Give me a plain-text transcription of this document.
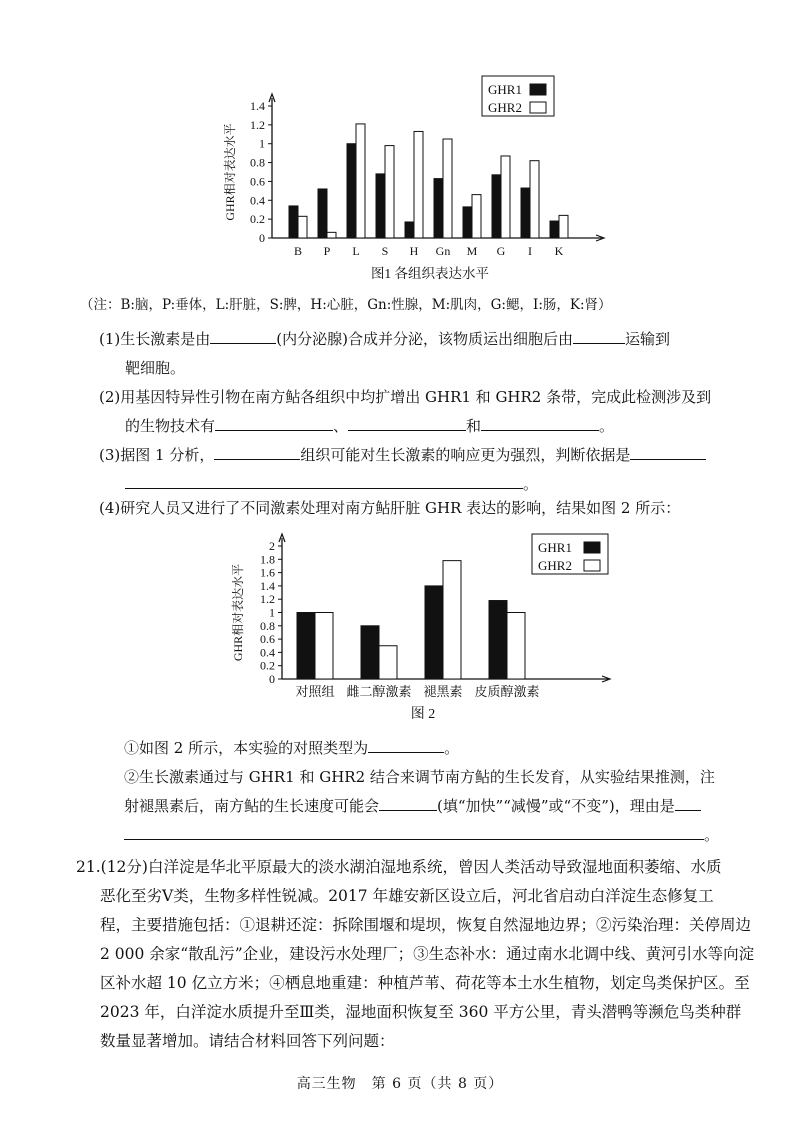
0
0.2
0.4
0.6
0.8
1
1.2
1.4
GHR相对表达水平
B P L S H Gn M G I K
GHR1
GHR2
图1 各组织表达水平
（注：B:脑，P:垂体，L:肝脏，S:脾，H:心脏，Gn:性腺，M:肌肉，G:鳃，I:肠，K:肾）
(1)生长激素是由	(内分泌腺)合成并分泌，该物质运出细胞后由	运输到
靶细胞。
(2)用基因特异性引物在南方鲇各组织中均扩增出 GHR1 和 GHR2 条带，完成此检测涉及到
的生物技术有	、	和	。
(3)据图 1 分析，	组织可能对生长激素的响应更为强烈，判断依据是
。
(4)研究人员又进行了不同激素处理对南方鲇肝脏 GHR 表达的影响，结果如图 2 所示：
0
0.2
0.4
0.6
0.8
1
1.2
1.4
1.6
1.8
2
GHR相对表达水平
对照组 雌二醇激素 褪黑素 皮质醇激素
GHR1
GHR2
图 2
①如图 2 所示，本实验的对照类型为	。
②生长激素通过与 GHR1 和 GHR2 结合来调节南方鲇的生长发育，从实验结果推测，注
射褪黑素后，南方鲇的生长速度可能会	(填“加快”“减慢”或“不变”)，理由是
。
21.(12分)白洋淀是华北平原最大的淡水湖泊湿地系统，曾因人类活动导致湿地面积萎缩、水质
恶化至劣Ⅴ类，生物多样性锐减。2017 年雄安新区设立后，河北省启动白洋淀生态修复工
程，主要措施包括：①退耕还淀：拆除围堰和堤坝，恢复自然湿地边界；②污染治理：关停周边
2 000 余家“散乱污”企业，建设污水处理厂；③生态补水：通过南水北调中线、黄河引水等向淀
区补水超 10 亿立方米；④栖息地重建：种植芦苇、荷花等本土水生植物，划定鸟类保护区。至
2023 年，白洋淀水质提升至Ⅲ类，湿地面积恢复至 360 平方公里，青头潜鸭等濒危鸟类种群
数量显著增加。请结合材料回答下列问题：
高三生物　第 6 页（共 8 页）
